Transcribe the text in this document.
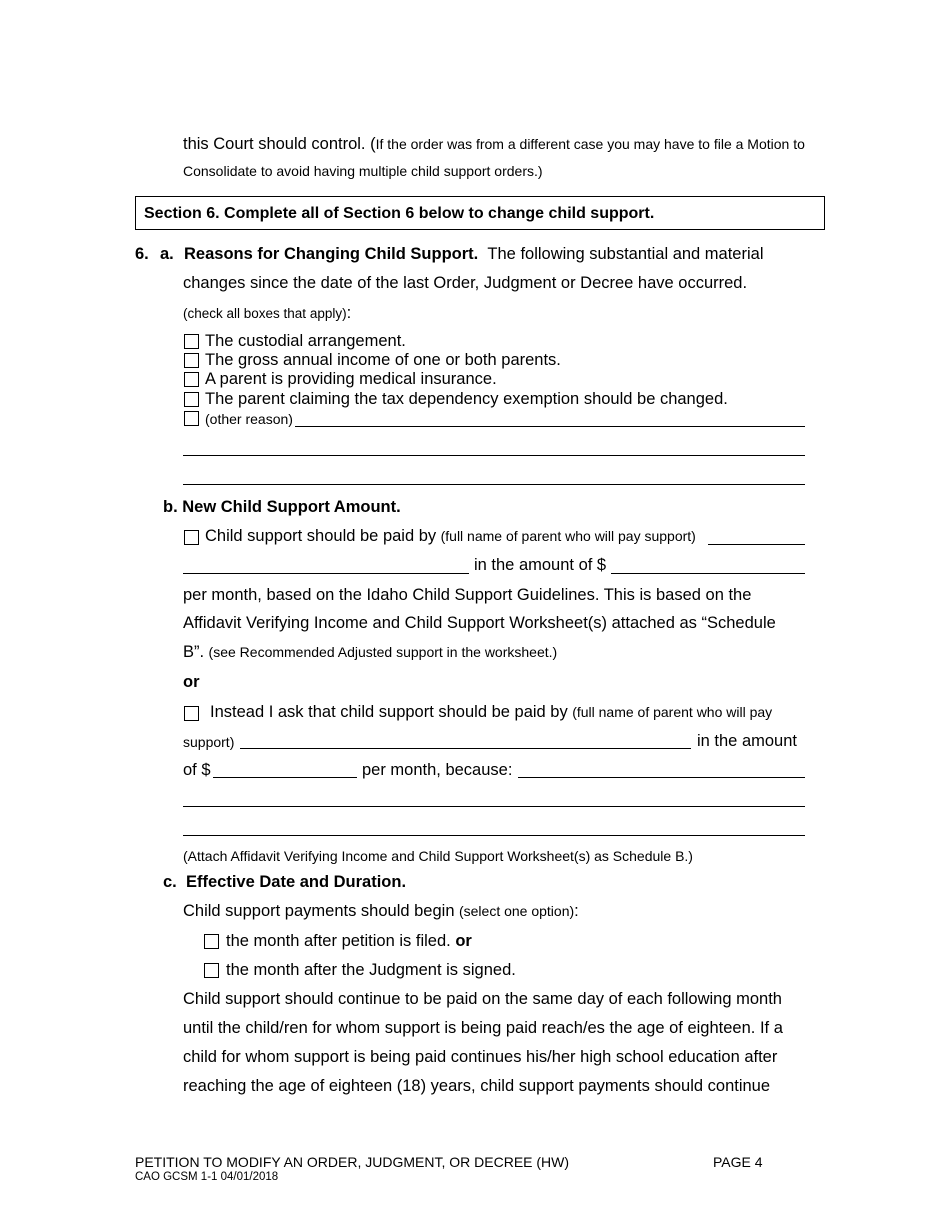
this Court should control. (If the order was from a different case you may have to file a Motion to
Consolidate to avoid having multiple child support orders.)
Section 6. Complete all of Section 6 below to change child support.
6. a. Reasons for Changing Child Support. The following substantial and material
changes since the date of the last Order, Judgment or Decree have occurred.
(check all boxes that apply):
The custodial arrangement.
The gross annual income of one or both parents.
A parent is providing medical insurance.
The parent claiming the tax dependency exemption should be changed.
(other reason)
b. New Child Support Amount.
Child support should be paid by (full name of parent who will pay support)
in the amount of $
per month, based on the Idaho Child Support Guidelines. This is based on the
Affidavit Verifying Income and Child Support Worksheet(s) attached as “Schedule
B”. (see Recommended Adjusted support in the worksheet.)
or
Instead I ask that child support should be paid by (full name of parent who will pay
support)	in the amount
of $	per month, because:
(Attach Affidavit Verifying Income and Child Support Worksheet(s) as Schedule B.)
c. Effective Date and Duration.
Child support payments should begin (select one option):
the month after petition is filed. or
the month after the Judgment is signed.
Child support should continue to be paid on the same day of each following month
until the child/ren for whom support is being paid reach/es the age of eighteen. If a
child for whom support is being paid continues his/her high school education after
reaching the age of eighteen (18) years, child support payments should continue
PETITION TO MODIFY AN ORDER, JUDGMENT, OR DECREE (HW)	PAGE 4
CAO GCSM 1-1 04/01/2018
